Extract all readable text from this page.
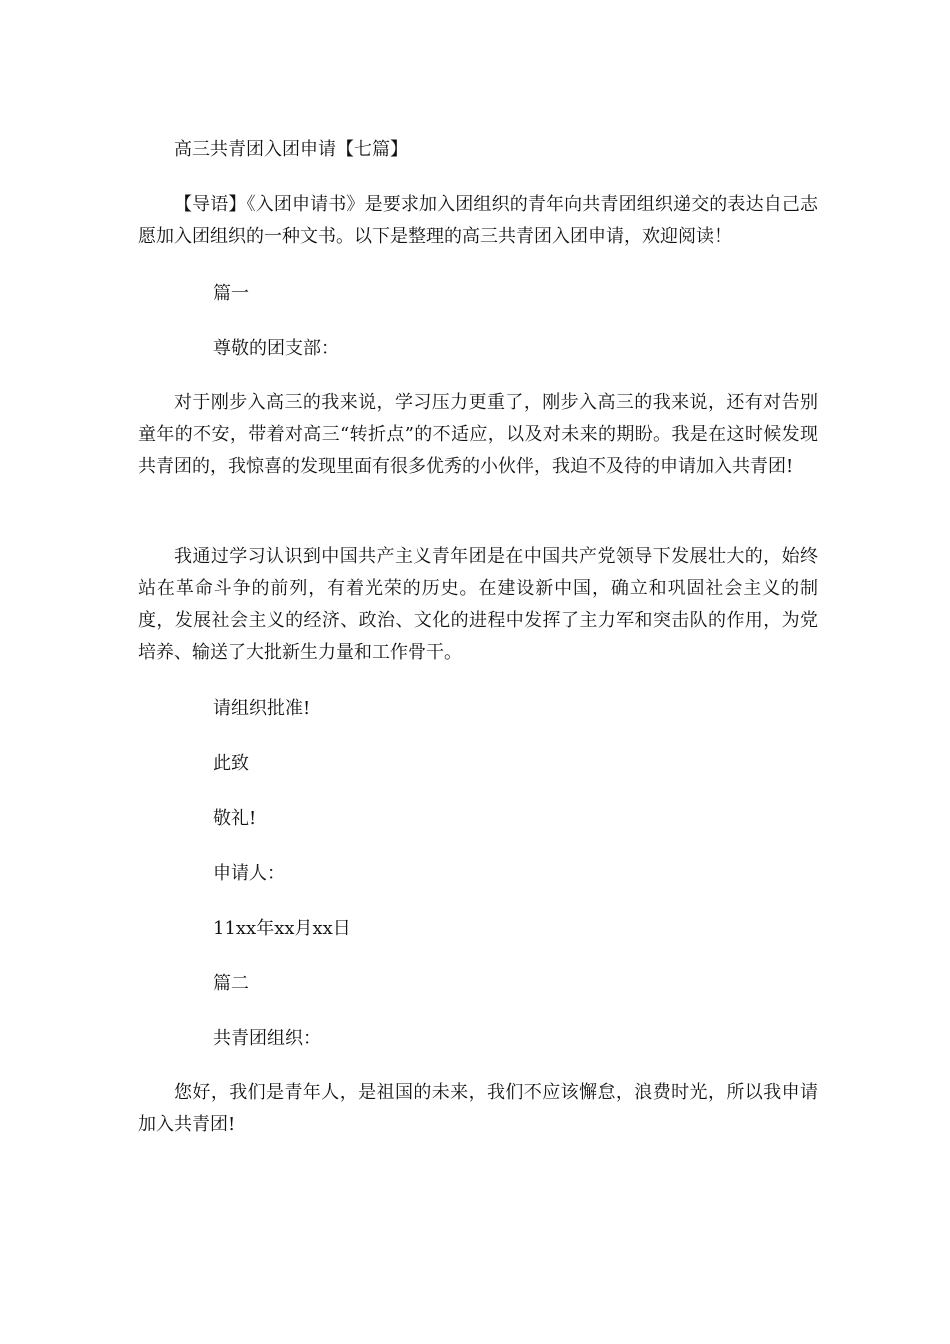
高三共青团入团申请【七篇】

【导语】《入团申请书》是要求加入团组织的青年向共青团组织递交的表达自己志愿加入团组织的一种文书。以下是整理的高三共青团入团申请，欢迎阅读！

篇一

尊敬的团支部：

对于刚步入高三的我来说，学习压力更重了，刚步入高三的我来说，还有对告别童年的不安，带着对高三“转折点”的不适应，以及对未来的期盼。我是在这时候发现共青团的，我惊喜的发现里面有很多优秀的小伙伴，我迫不及待的申请加入共青团!

我通过学习认识到中国共产主义青年团是在中国共产党领导下发展壮大的，始终站在革命斗争的前列，有着光荣的历史。在建设新中国，确立和巩固社会主义的制度，发展社会主义的经济、政治、文化的进程中发挥了主力军和突击队的作用，为党培养、输送了大批新生力量和工作骨干。

请组织批准!

此致

敬礼!

申请人：

11xx年xx月xx日

篇二

共青团组织：

您好，我们是青年人，是祖国的未来，我们不应该懈怠，浪费时光，所以我申请加入共青团!
